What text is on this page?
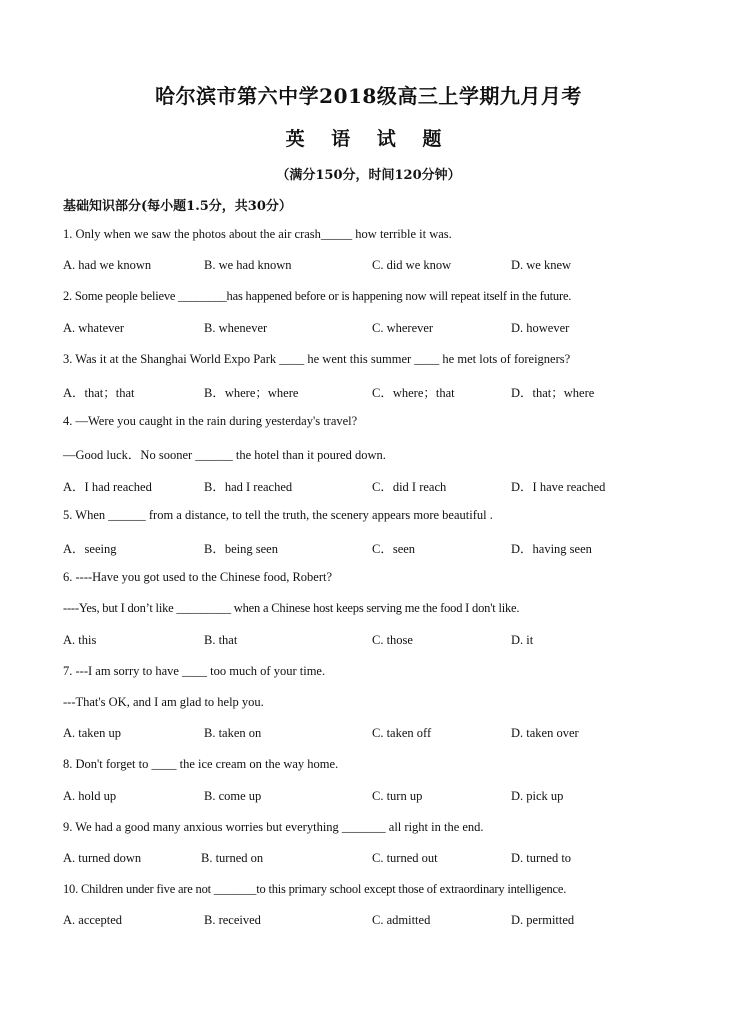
哈尔滨市第六中学2018级高三上学期九月月考
英 语 试 题
（满分150分，时间120分钟）
基础知识部分(每小题1.5分，共30分）
1. Only when we saw the photos about the air crash_____ how terrible it was.
A. had we known	B. we had known	C. did we know	D. we knew
2. Some people believe ________has happened before or is happening now will repeat itself in the future.
A. whatever	B. whenever	C. wherever	D. however
3. Was it at the Shanghai World Expo Park ____ he went this summer ____ he met lots of foreigners?
A．that；that	B．where；where	C．where；that	D．that；where
4. —Were you caught in the rain during yesterday's travel?
—Good luck．No sooner ______ the hotel than it poured down.
A．I had reached	B．had I reached	C．did I reach	D．I have reached
5. When ______ from a distance, to tell the truth, the scenery appears more beautiful .
A．seeing	B．being seen	C．seen	D．having seen
6. ----Have you got used to the Chinese food, Robert?
----Yes, but I don’t like _________ when a Chinese host keeps serving me the food I don't like.
A. this	B. that	C. those	D. it
7. ---I am sorry to have ____ too much of your time.
---That's OK, and I am glad to help you.
A. taken up	B. taken on	C. taken off	D. taken over
8. Don't forget to ____ the ice cream on the way home.
A. hold up	B. come up	C. turn up	D. pick up
9. We had a good many anxious worries but everything _______ all right in the end.
A. turned down	B. turned on	C. turned out	D. turned to
10. Children under five are not _______to this primary school except those of extraordinary intelligence.
A. accepted	B. received	C. admitted	D. permitted
